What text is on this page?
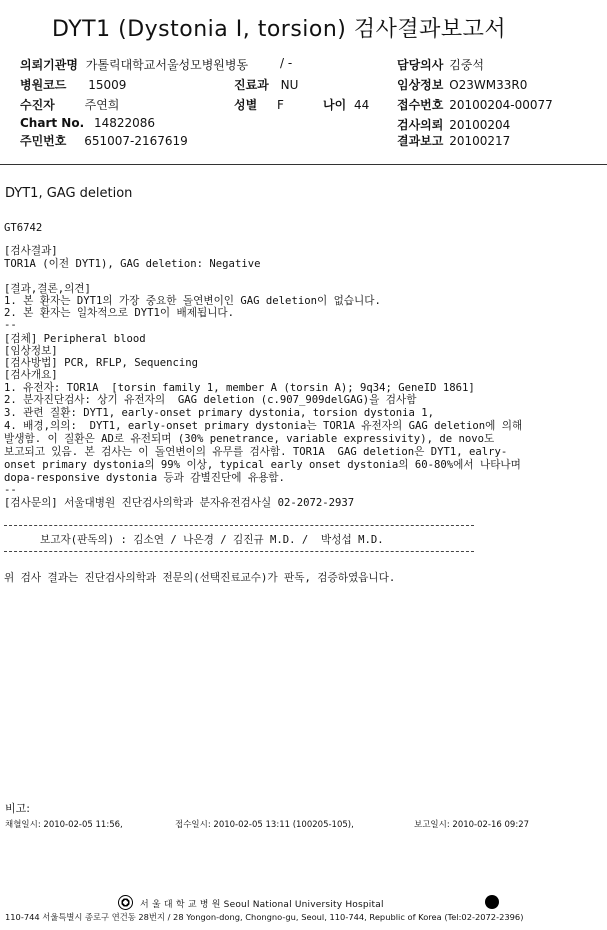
DYT1 (Dystonia I, torsion) 검사결과보고서
의뢰기관명 가톨릭대학교서울성모병원병동	/ -	담당의사 김중석
병원코드 15009	진료과 NU	임상정보 O23WM33R0
수진자 주연희	성별 F	나이 44 접수번호 20100204-00077
Chart No. 14822086	검사의뢰 20100204
주민번호 651007-2167619	결과보고 20100217
DYT1, GAG deletion
GT6742
[검사결과]
TOR1A (이전 DYT1), GAG deletion: Negative
[결과,결론,의견]
1. 본 환자는 DYT1의 가장 중요한 돌연변이인 GAG deletion이 없습니다.
2. 본 환자는 일차적으로 DYT1이 배제됩니다.
--
[검체] Peripheral blood
[임상정보]
[검사방법] PCR, RFLP, Sequencing
[검사개요]
1. 유전자: TOR1A  [torsin family 1, member A (torsin A); 9q34; GeneID 1861]
2. 분자진단검사: 상기 유전자의  GAG deletion (c.907_909delGAG)을 검사함
3. 관련 질환: DYT1, early-onset primary dystonia, torsion dystonia 1,
4. 배경,의의:  DYT1, early-onset primary dystonia는 TOR1A 유전자의 GAG deletion에 의해
발생함. 이 질환은 AD로 유전되며 (30% penetrance, variable expressivity), de novo도
보고되고 있음. 본 검사는 이 돌연변이의 유무를 검사함. TOR1A  GAG deletion은 DYT1, ealry-
onset primary dystonia의 99% 이상, typical early onset dystonia의 60-80%에서 나타나며
dopa-responsive dystonia 등과 감별진단에 유용함.
--
[검사문의] 서울대병원 진단검사의학과 분자유전검사실 02-2072-2937
보고자(판독의) : 김소연 / 나은경 / 김진규 M.D. /  박성섭 M.D.
위 검사 결과는 진단검사의학과 전문의(선택진료교수)가 판독, 검증하였읍니다.
비고:
채혈일시: 2010-02-05 11:56,	접수일시: 2010-02-05 13:11 (100205-105),	보고일시: 2010-02-16 09:27
서 울 대 학 교 병 원 Seoul National University Hospital
110-744 서울특별시 종로구 연건동 28번지 / 28 Yongon-dong, Chongno-gu, Seoul, 110-744, Republic of Korea (Tel:02-2072-2396)
